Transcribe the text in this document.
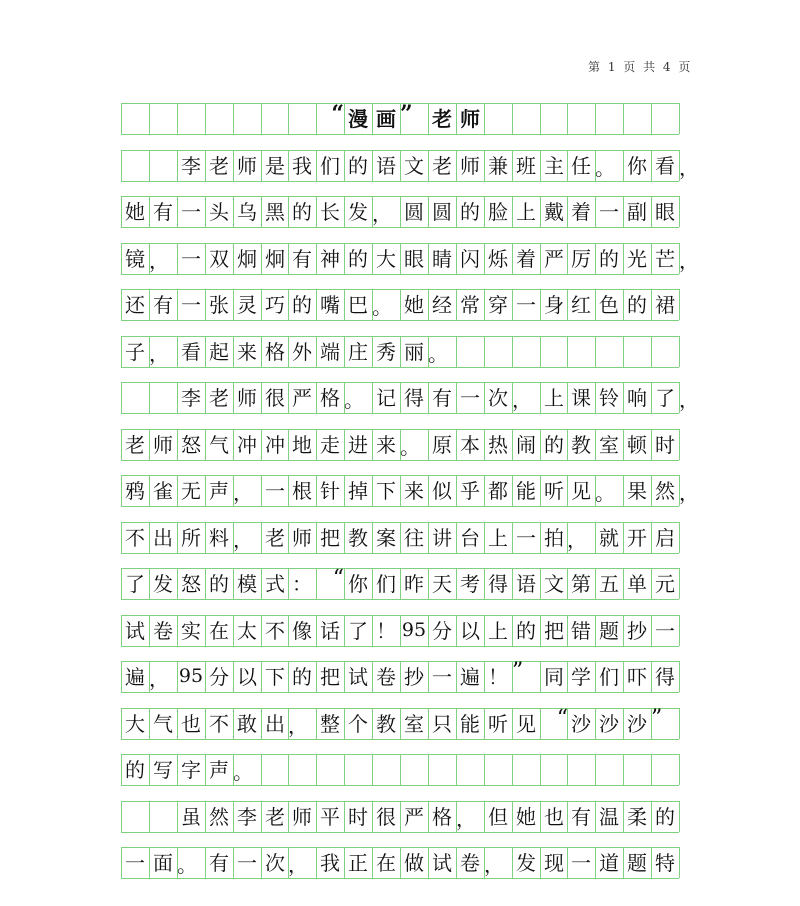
第 1 页 共 4 页
“ 漫 画 ” 老 师
李 老 师 是 我 们 的 语 文 老 师 兼 班 主 任 。 你 看 ，
她 有 一 头 乌 黑 的 长 发 ， 圆 圆 的 脸 上 戴 着 一 副 眼
镜 ， 一 双 炯 炯 有 神 的 大 眼 睛 闪 烁 着 严 厉 的 光 芒 ，
还 有 一 张 灵 巧 的 嘴 巴 。 她 经 常 穿 一 身 红 色 的 裙
子 ， 看 起 来 格 外 端 庄 秀 丽 。
李 老 师 很 严 格 。 记 得 有 一 次 ， 上 课 铃 响 了 ，
老 师 怒 气 冲 冲 地 走 进 来 。 原 本 热 闹 的 教 室 顿 时
鸦 雀 无 声 ， 一 根 针 掉 下 来 似 乎 都 能 听 见 。 果 然 ，
不 出 所 料 ， 老 师 把 教 案 往 讲 台 上 一 拍 ， 就 开 启
了 发 怒 的 模 式 ： “ 你 们 昨 天 考 得 语 文 第 五 单 元
试 卷 实 在 太 不 像 话 了 ！ 95 分 以 上 的 把 错 题 抄 一
遍 ， 95 分 以 下 的 把 试 卷 抄 一 遍 ！ ”	同 学 们 吓 得
大 气 也 不 敢 出 ， 整 个 教 室 只 能 听 见 “ 沙 沙 沙 ”
的 写 字 声 。
虽 然 李 老 师 平 时 很 严 格 ， 但 她 也 有 温 柔 的
一 面 。 有 一 次 ， 我 正 在 做 试 卷 ， 发 现 一 道 题 特
